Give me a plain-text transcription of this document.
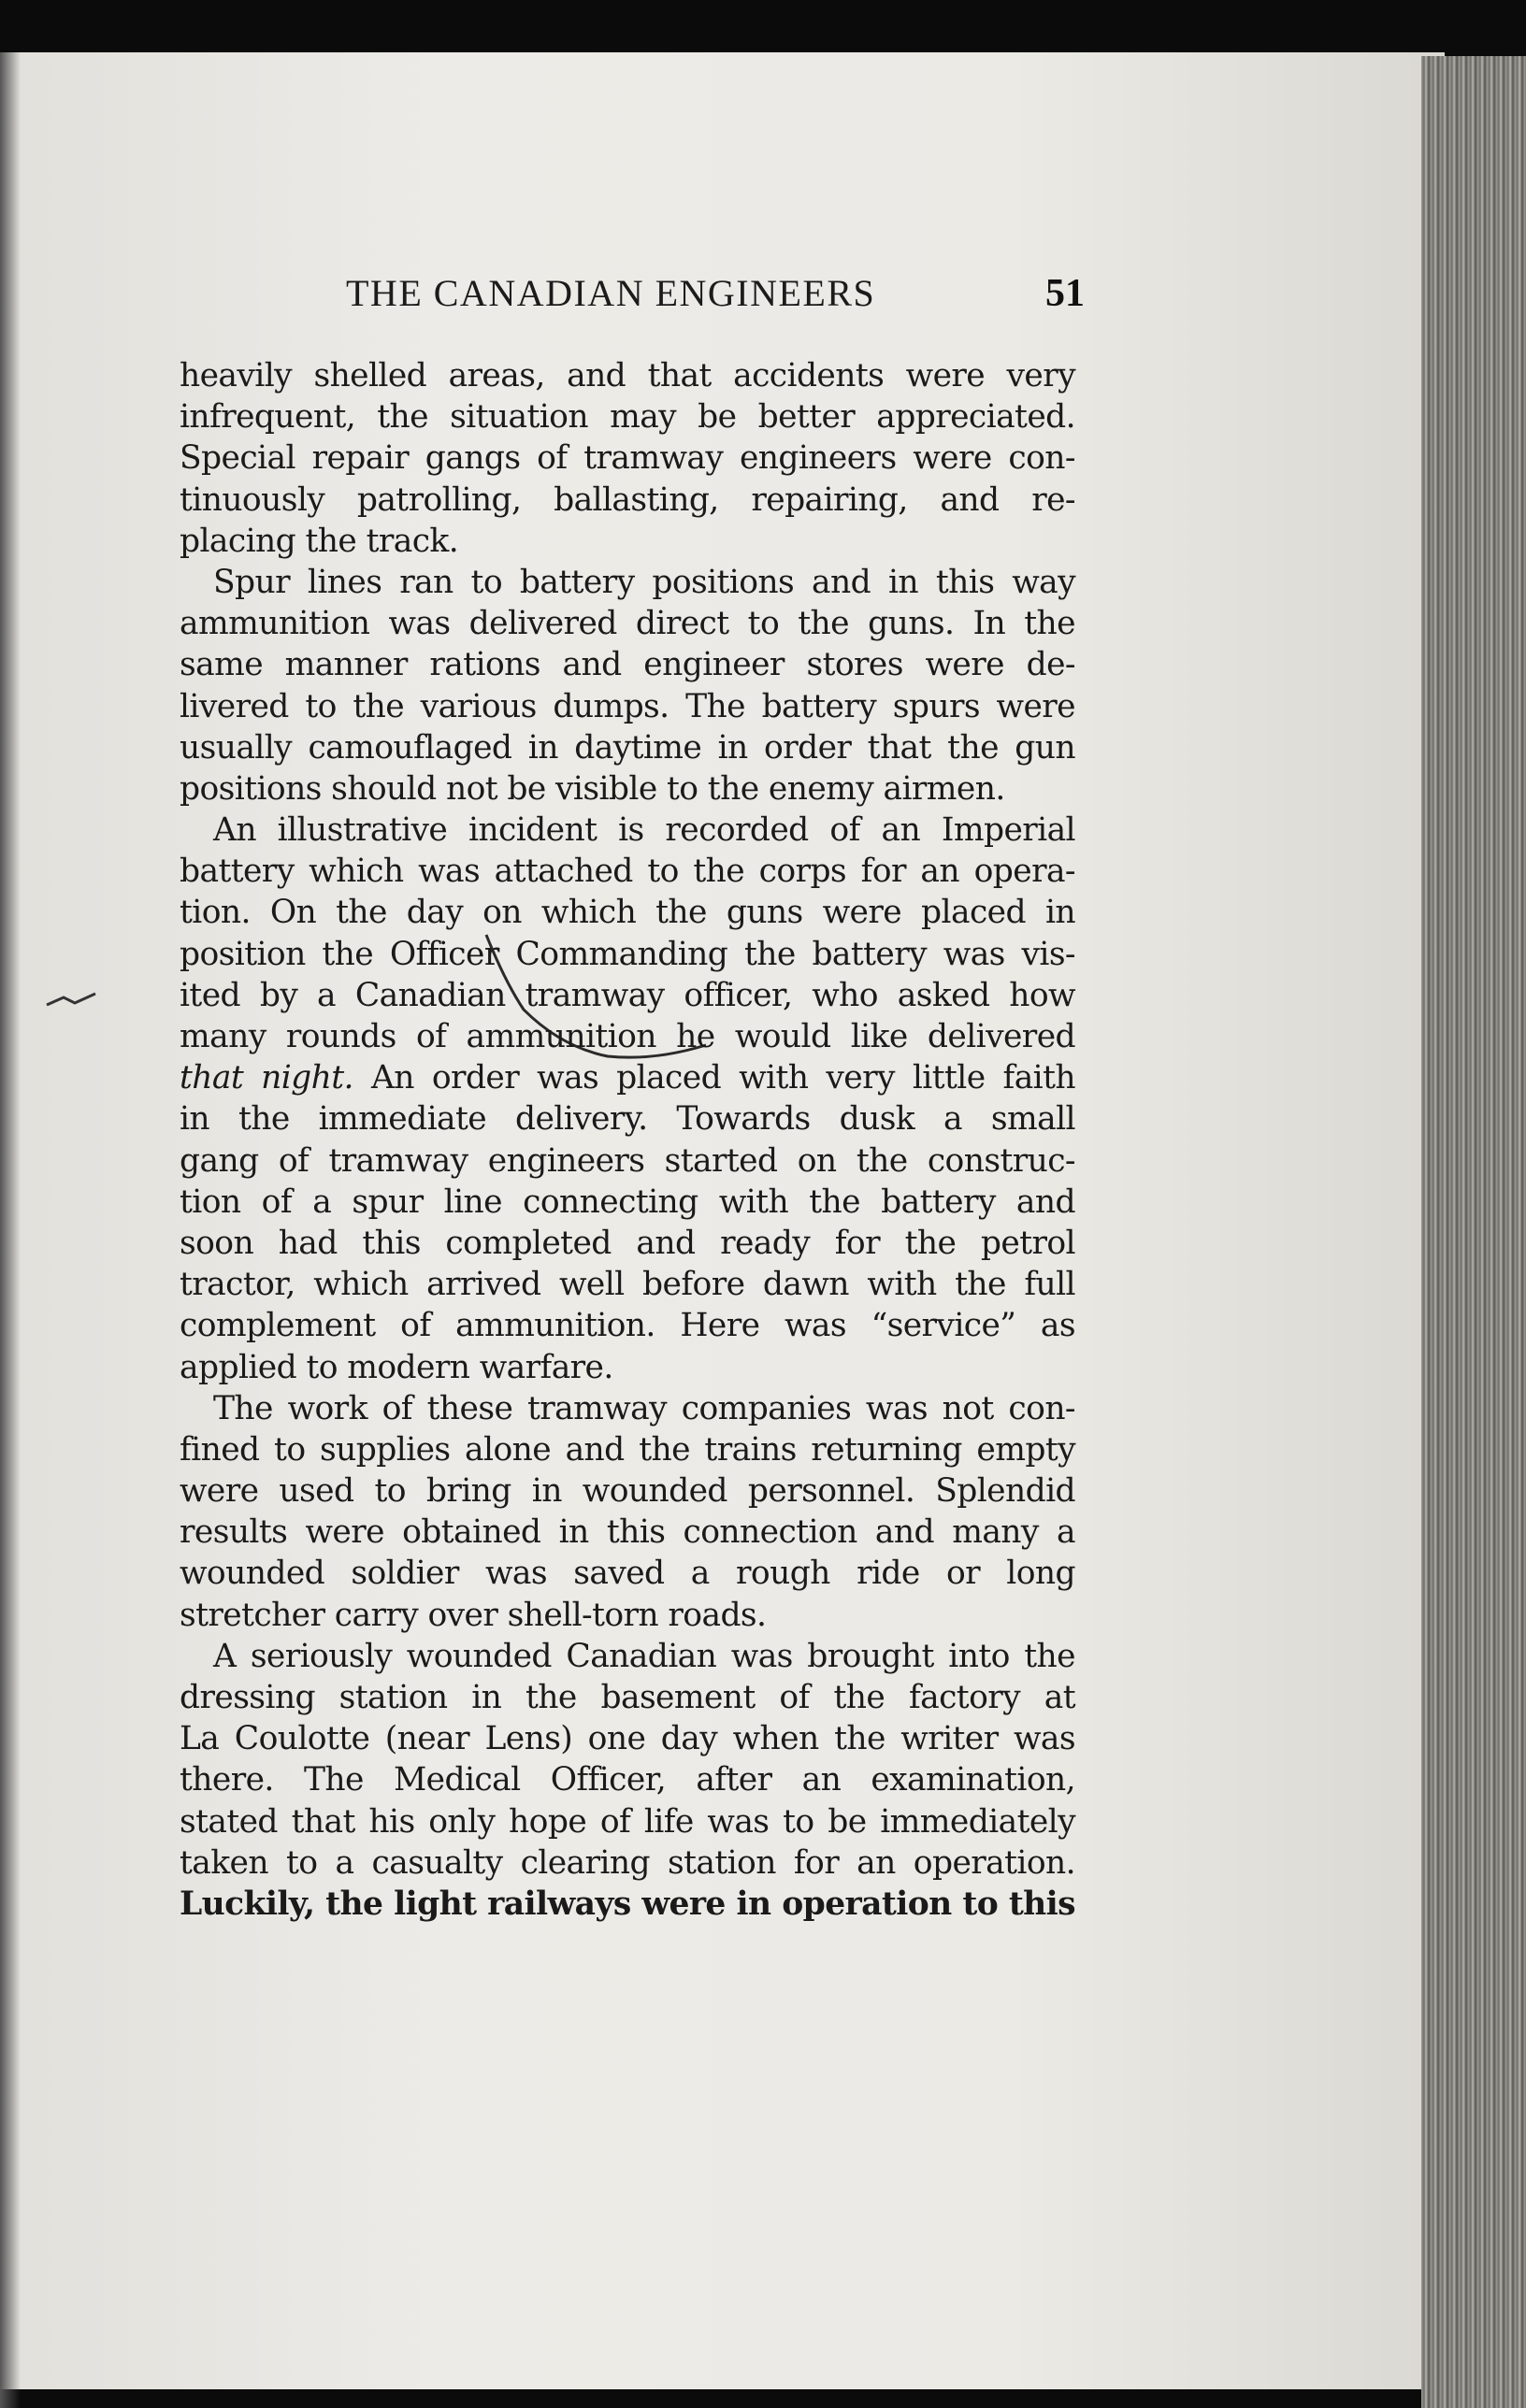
THE CANADIAN ENGINEERS	51
heavily shelled areas, and that accidents were very
infrequent, the situation may be better appreciated.
Special repair gangs of tramway engineers were con-
tinuously patrolling, ballasting, repairing, and re-
placing the track.
Spur lines ran to battery positions and in this way
ammunition was delivered direct to the guns. In the
same manner rations and engineer stores were de-
livered to the various dumps. The battery spurs were
usually camouflaged in daytime in order that the gun
positions should not be visible to the enemy airmen.
An illustrative incident is recorded of an Imperial
battery which was attached to the corps for an opera-
tion. On the day on which the guns were placed in
position the Officer Commanding the battery was vis-
ited by a Canadian tramway officer, who asked how
many rounds of ammunition he would like delivered
that night. An order was placed with very little faith
in the immediate delivery. Towards dusk a small
gang of tramway engineers started on the construc-
tion of a spur line connecting with the battery and
soon had this completed and ready for the petrol
tractor, which arrived well before dawn with the full
complement of ammunition. Here was “service” as
applied to modern warfare.
The work of these tramway companies was not con-
fined to supplies alone and the trains returning empty
were used to bring in wounded personnel. Splendid
results were obtained in this connection and many a
wounded soldier was saved a rough ride or long
stretcher carry over shell-torn roads.
A seriously wounded Canadian was brought into the
dressing station in the basement of the factory at
La Coulotte (near Lens) one day when the writer was
there. The Medical Officer, after an examination,
stated that his only hope of life was to be immediately
taken to a casualty clearing station for an operation.
Luckily, the light railways were in operation to this
